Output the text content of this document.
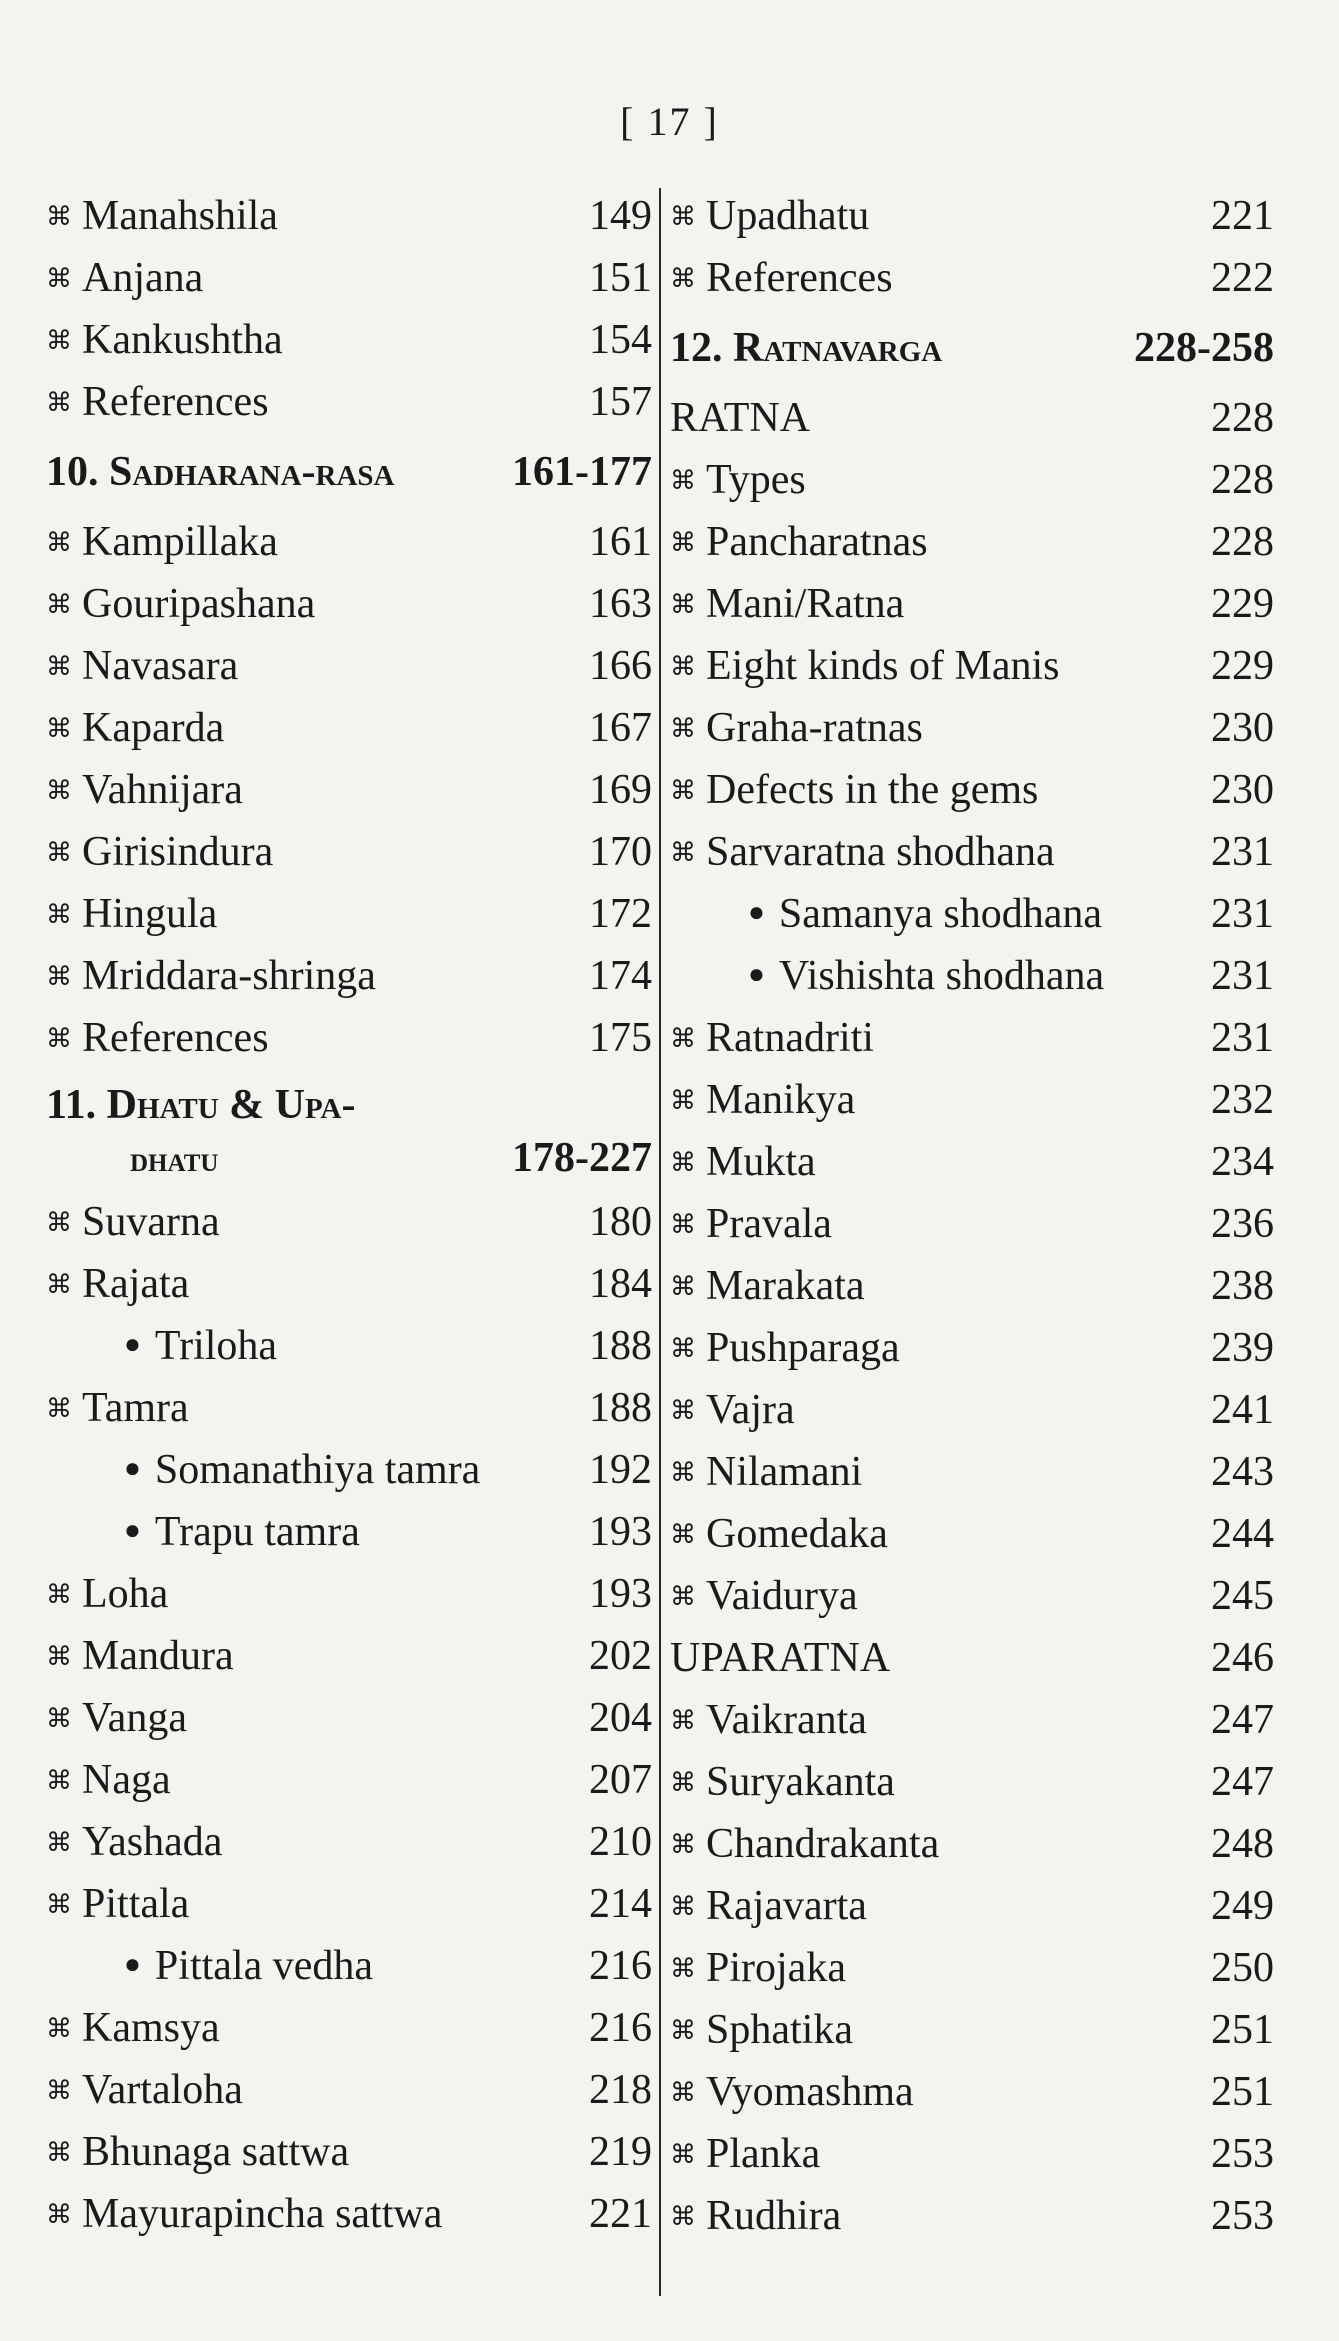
[ 17 ]
⌘ Manahshila	149
⌘ Anjana	151
⌘ Kankushtha	154
⌘ References	157
10. Sadharana-rasa	161-177
⌘ Kampillaka	161
⌘ Gouripashana	163
⌘ Navasara	166
⌘ Kaparda	167
⌘ Vahnijara	169
⌘ Girisindura	170
⌘ Hingula	172
⌘ Mriddara-shringa	174
⌘ References	175
11. Dhatu & Upa-
dhatu	178-227
⌘ Suvarna	180
⌘ Rajata	184
● Triloha	188
⌘ Tamra	188
● Somanathiya tamra	192
● Trapu tamra	193
⌘ Loha	193
⌘ Mandura	202
⌘ Vanga	204
⌘ Naga	207
⌘ Yashada	210
⌘ Pittala	214
● Pittala vedha	216
⌘ Kamsya	216
⌘ Vartaloha	218
⌘ Bhunaga sattwa	219
⌘ Mayurapincha sattwa	221
⌘ Upadhatu	221
⌘ References	222
12. Ratnavarga	228-258
RATNA	228
⌘ Types	228
⌘ Pancharatnas	228
⌘ Mani/Ratna	229
⌘ Eight kinds of Manis	229
⌘ Graha-ratnas	230
⌘ Defects in the gems	230
⌘ Sarvaratna shodhana	231
● Samanya shodhana	231
● Vishishta shodhana	231
⌘ Ratnadriti	231
⌘ Manikya	232
⌘ Mukta	234
⌘ Pravala	236
⌘ Marakata	238
⌘ Pushparaga	239
⌘ Vajra	241
⌘ Nilamani	243
⌘ Gomedaka	244
⌘ Vaidurya	245
UPARATNA	246
⌘ Vaikranta	247
⌘ Suryakanta	247
⌘ Chandrakanta	248
⌘ Rajavarta	249
⌘ Pirojaka	250
⌘ Sphatika	251
⌘ Vyomashma	251
⌘ Planka	253
⌘ Rudhira	253
